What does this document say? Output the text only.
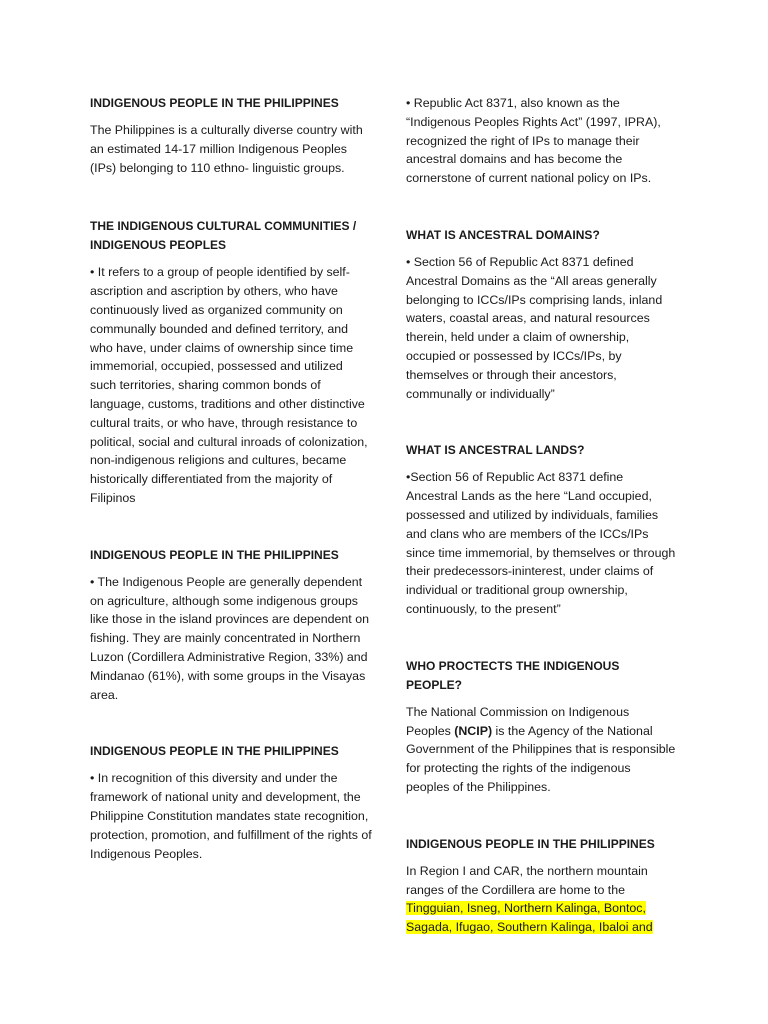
INDIGENOUS PEOPLE IN THE PHILIPPINES

The Philippines is a culturally diverse country with an estimated 14-17 million Indigenous Peoples (IPs) belonging to 110 ethno- linguistic groups.

THE INDIGENOUS CULTURAL COMMUNITIES / INDIGENOUS PEOPLES

• It refers to a group of people identified by self-ascription and ascription by others, who have continuously lived as organized community on communally bounded and defined territory, and who have, under claims of ownership since time immemorial, occupied, possessed and utilized such territories, sharing common bonds of language, customs, traditions and other distinctive cultural traits, or who have, through resistance to political, social and cultural inroads of colonization, non-indigenous religions and cultures, became historically differentiated from the majority of Filipinos

INDIGENOUS PEOPLE IN THE PHILIPPINES

• The Indigenous People are generally dependent on agriculture, although some indigenous groups like those in the island provinces are dependent on fishing. They are mainly concentrated in Northern Luzon (Cordillera Administrative Region, 33%) and Mindanao (61%), with some groups in the Visayas area.

INDIGENOUS PEOPLE IN THE PHILIPPINES

• In recognition of this diversity and under the framework of national unity and development, the Philippine Constitution mandates state recognition, protection, promotion, and fulfillment of the rights of Indigenous Peoples.

• Republic Act 8371, also known as the “Indigenous Peoples Rights Act” (1997, IPRA), recognized the right of IPs to manage their ancestral domains and has become the cornerstone of current national policy on IPs.

WHAT IS ANCESTRAL DOMAINS?

• Section 56 of Republic Act 8371 defined Ancestral Domains as the “All areas generally belonging to ICCs/IPs comprising lands, inland waters, coastal areas, and natural resources therein, held under a claim of ownership, occupied or possessed by ICCs/IPs, by themselves or through their ancestors, communally or individually”

WHAT IS ANCESTRAL LANDS?

•Section 56 of Republic Act 8371 define Ancestral Lands as the here “Land occupied, possessed and utilized by individuals, families and clans who are members of the ICCs/IPs since time immemorial, by themselves or through their predecessors-ininterest, under claims of individual or traditional group ownership, continuously, to the present”

WHO PROCTECTS THE INDIGENOUS PEOPLE?

The National Commission on Indigenous Peoples (NCIP) is the Agency of the National Government of the Philippines that is responsible for protecting the rights of the indigenous peoples of the Philippines.

INDIGENOUS PEOPLE IN THE PHILIPPINES

In Region I and CAR, the northern mountain ranges of the Cordillera are home to the Tingguian, Isneg, Northern Kalinga, Bontoc, Sagada, Ifugao, Southern Kalinga, Ibaloi and
